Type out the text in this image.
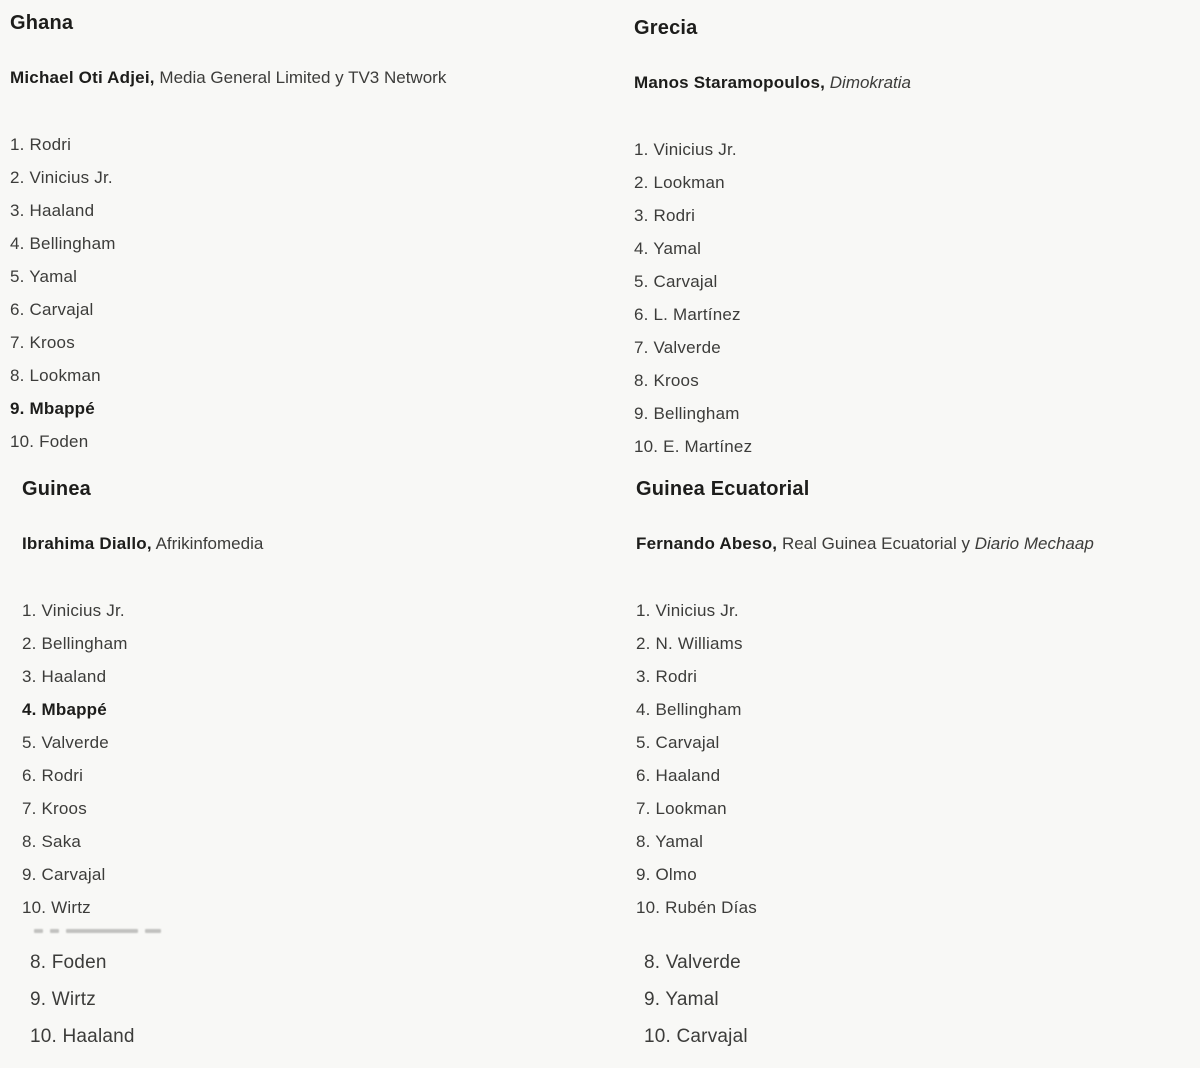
Ghana

Michael Oti Adjei, Media General Limited y TV3 Network

1. Rodri
2. Vinicius Jr.
3. Haaland
4. Bellingham
5. Yamal
6. Carvajal
7. Kroos
8. Lookman
9. Mbappé
10. Foden
Guinea

Ibrahima Diallo, Afrikinfomedia

1. Vinicius Jr.
2. Bellingham
3. Haaland
4. Mbappé
5. Valverde
6. Rodri
7. Kroos
8. Saka
9. Carvajal
10. Wirtz
8. Foden
9. Wirtz
10. Haaland
Grecia

Manos Staramopoulos, Dimokratia

1. Vinicius Jr.
2. Lookman
3. Rodri
4. Yamal
5. Carvajal
6. L. Martínez
7. Valverde
8. Kroos
9. Bellingham
10. E. Martínez
Guinea Ecuatorial

Fernando Abeso, Real Guinea Ecuatorial y Diario Mechaap

1. Vinicius Jr.
2. N. Williams
3. Rodri
4. Bellingham
5. Carvajal
6. Haaland
7. Lookman
8. Yamal
9. Olmo
10. Rubén Días
8. Valverde
9. Yamal
10. Carvajal
